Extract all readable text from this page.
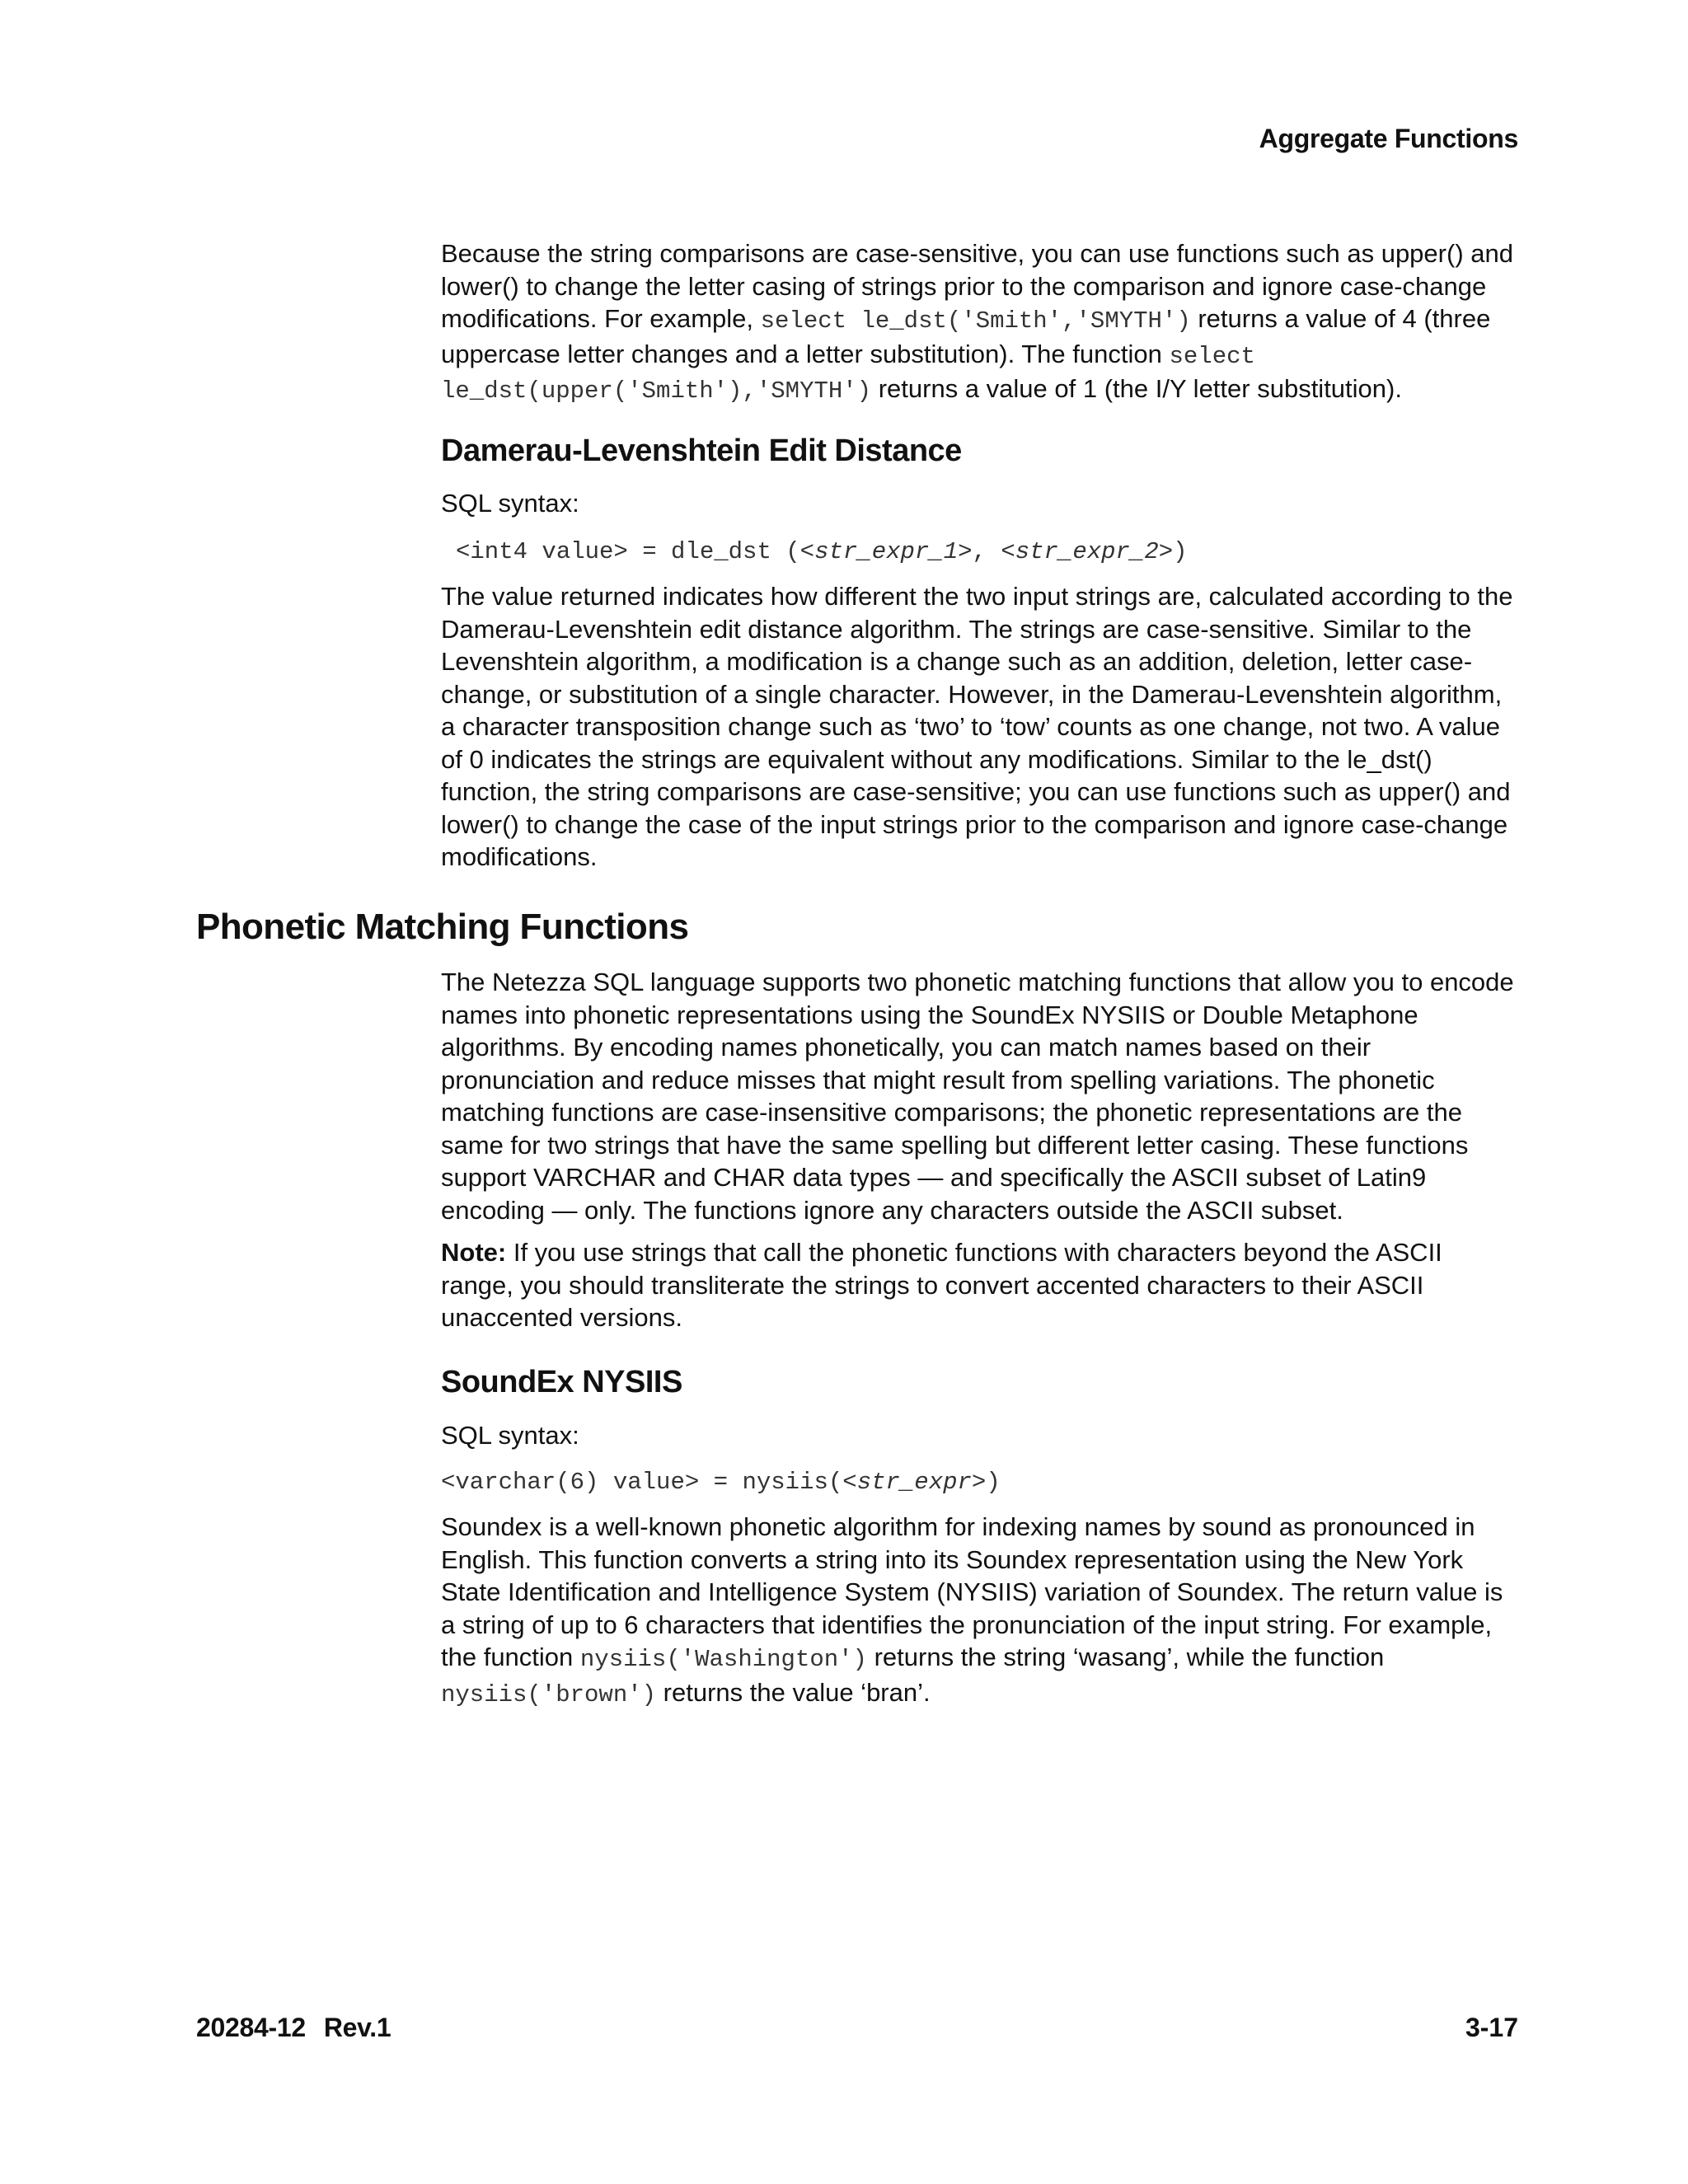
Aggregate Functions

Because the string comparisons are case-sensitive, you can use functions such as upper() and lower() to change the letter casing of strings prior to the comparison and ignore case-change modifications. For example, select le_dst('Smith','SMYTH') returns a value of 4 (three uppercase letter changes and a letter substitution). The function select le_dst(upper('Smith'),'SMYTH') returns a value of 1 (the I/Y letter substitution).

Damerau-Levenshtein Edit Distance

SQL syntax:

<int4 value> = dle_dst (<str_expr_1>, <str_expr_2>)

The value returned indicates how different the two input strings are, calculated according to the Damerau-Levenshtein edit distance algorithm. The strings are case-sensitive. Similar to the Levenshtein algorithm, a modification is a change such as an addition, deletion, letter case-change, or substitution of a single character. However, in the Damerau-Levenshtein algorithm, a character transposition change such as ‘two’ to ‘tow’ counts as one change, not two. A value of 0 indicates the strings are equivalent without any modifications. Similar to the le_dst() function, the string comparisons are case-sensitive; you can use functions such as upper() and lower() to change the case of the input strings prior to the comparison and ignore case-change modifications.

Phonetic Matching Functions

The Netezza SQL language supports two phonetic matching functions that allow you to encode names into phonetic representations using the SoundEx NYSIIS or Double Metaphone algorithms. By encoding names phonetically, you can match names based on their pronunciation and reduce misses that might result from spelling variations. The phonetic matching functions are case-insensitive comparisons; the phonetic representations are the same for two strings that have the same spelling but different letter casing. These functions support VARCHAR and CHAR data types — and specifically the ASCII subset of Latin9 encoding — only. The functions ignore any characters outside the ASCII subset.

Note: If you use strings that call the phonetic functions with characters beyond the ASCII range, you should transliterate the strings to convert accented characters to their ASCII unaccented versions.

SoundEx NYSIIS

SQL syntax:

<varchar(6) value> = nysiis(<str_expr>)

Soundex is a well-known phonetic algorithm for indexing names by sound as pronounced in English. This function converts a string into its Soundex representation using the New York State Identification and Intelligence System (NYSIIS) variation of Soundex. The return value is a string of up to 6 characters that identifies the pronunciation of the input string. For example, the function nysiis('Washington') returns the string ‘wasang’, while the function nysiis('brown') returns the value ‘bran’.

20284-12 Rev.1	3-17
